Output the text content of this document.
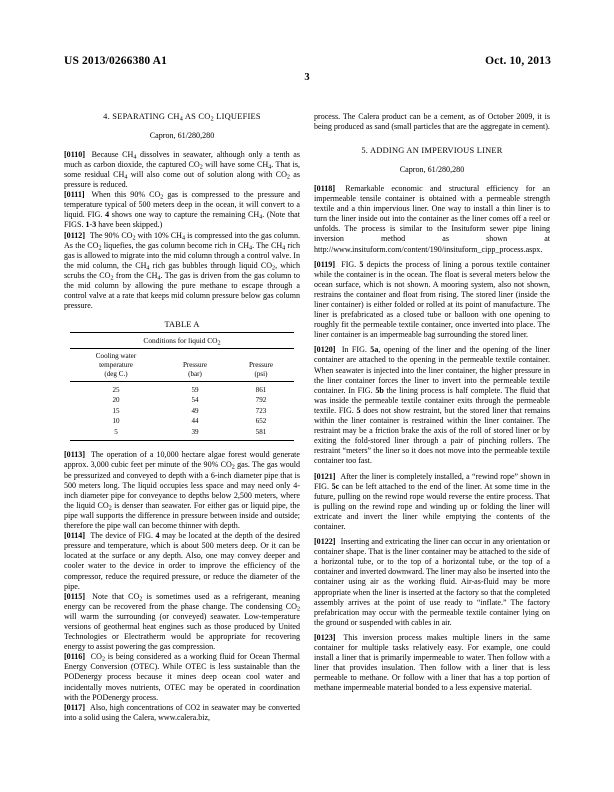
US 2013/0266380 A1	Oct. 10, 2013
3
4. SEPARATING $CH_4$ AS $CO_2$ LIQUEFIES
Capron, 61/280,280

[0110] Because $CH_4$ dissolves in seawater, although only a tenth as much as carbon dioxide, the captured $CO_2$ will have some $CH_4$. That is, some residual $CH_4$ will also come out of solution along with $CO_2$ as pressure is reduced.

[0111] When this 90% $CO_2$ gas is compressed to the pressure and temperature typical of 500 meters deep in the ocean, it will convert to a liquid. FIG. 4 shows one way to capture the remaining $CH_4$. (Note that FIGS. 1-3 have been skipped.)

[0112] The 90% $CO_2$ with 10% $CH_4$ is compressed into the gas column. As the $CO_2$ liquefies, the gas column become rich in $CH_4$. The $CH_4$ rich gas is allowed to migrate into the mid column through a control valve. In the mid column, the $CH_4$ rich gas bubbles through liquid $CO_2$, which scrubs the $CO_2$ from the $CH_4$. The gas is driven from the gas column to the mid column by allowing the pure methane to escape through a control valve at a rate that keeps mid column pressure below gas column pressure.

TABLE A

Conditions for liquid $CO_2$

Cooling water
temperature
(deg C.)	Pressure
(bar)	Pressure
(psi)

25	59	861
20	54	792
15	49	723
10	44	652
5	39	581

[0113] The operation of a 10,000 hectare algae forest would generate approx. 3,000 cubic feet per minute of the 90% $CO_2$ gas. The gas would be pressurized and conveyed to depth with a 6-inch diameter pipe that is 500 meters long. The liquid occupies less space and may need only 4-inch diameter pipe for conveyance to depths below 2,500 meters, where the liquid $CO_2$ is denser than seawater. For either gas or liquid pipe, the pipe wall supports the difference in pressure between inside and outside; therefore the pipe wall can become thinner with depth.

[0114] The device of FIG. 4 may be located at the depth of the desired pressure and temperature, which is about 500 meters deep. Or it can be located at the surface or any depth. Also, one may convey deeper and cooler water to the device in order to improve the efficiency of the compressor, reduce the required pressure, or reduce the diameter of the pipe.

[0115] Note that $CO_2$ is sometimes used as a refrigerant, meaning energy can be recovered from the phase change. The condensing $CO_2$ will warm the surrounding (or conveyed) seawater. Low-temperature versions of geothermal heat engines such as those produced by United Technologies or Electratherm would be appropriate for recovering energy to assist powering the gas compression.

[0116] $CO_2$ is being considered as a working fluid for Ocean Thermal Energy Conversion (OTEC). While OTEC is less sustainable than the PODenergy process because it mines deep ocean cool water and incidentally moves nutrients, OTEC may be operated in coordination with the PODenergy process.

[0117] Also, high concentrations of CO2 in seawater may be converted into a solid using the Calera, www.calera.biz,

process. The Calera product can be a cement, as of October 2009, it is being produced as sand (small particles that are the aggregate in cement).

5. ADDING AN IMPERVIOUS LINER
Capron, 61/280,280

[0118] Remarkable economic and structural efficiency for an impermeable tensile container is obtained with a permeable strength textile and a thin impervious liner. One way to install a thin liner is to turn the liner inside out into the container as the liner comes off a reel or unfolds. The process is similar to the Insituform sewer pipe lining inversion method as shown at http://www.insituform.com/content/190/insituform_cipp_process.aspx.

[0119] FIG. 5 depicts the process of lining a porous textile container while the container is in the ocean. The float is several meters below the ocean surface, which is not shown. A mooring system, also not shown, restrains the container and float from rising. The stored liner (inside the liner container) is either folded or rolled at its point of manufacture. The liner is prefabricated as a closed tube or balloon with one opening to roughly fit the permeable textile container, once inverted into place. The liner container is an impermeable bag surrounding the stored liner.

[0120] In FIG. 5a, opening of the liner and the opening of the liner container are attached to the opening in the permeable textile container. When seawater is injected into the liner container, the higher pressure in the liner container forces the liner to invert into the permeable textile container. In FIG. 5b the lining process is half complete. The fluid that was inside the permeable textile container exits through the permeable textile. FIG. 5 does not show restraint, but the stored liner that remains within the liner container is restrained within the liner container. The restraint may be a friction brake the axis of the roll of stored liner or by exiting the fold-stored liner through a pair of pinching rollers. The restraint “meters” the liner so it does not move into the permeable textile container too fast.

[0121] After the liner is completely installed, a “rewind rope” shown in FIG. 5c can be left attached to the end of the liner. At some time in the future, pulling on the rewind rope would reverse the entire process. That is pulling on the rewind rope and winding up or folding the liner will extricate and invert the liner while emptying the contents of the container.

[0122] Inserting and extricating the liner can occur in any orientation or container shape. That is the liner container may be attached to the side of a horizontal tube, or to the top of a horizontal tube, or the top of a container and inverted downward. The liner may also be inserted into the container using air as the working fluid. Air-as-fluid may be more appropriate when the liner is inserted at the factory so that the completed assembly arrives at the point of use ready to “inflate.” The factory prefabrication may occur with the permeable textile container lying on the ground or suspended with cables in air.

[0123] This inversion process makes multiple liners in the same container for multiple tasks relatively easy. For example, one could install a liner that is primarily impermeable to water. Then follow with a liner that provides insulation. Then follow with a liner that is less permeable to methane. Or follow with a liner that has a top portion of methane impermeable material bonded to a less expensive material.
